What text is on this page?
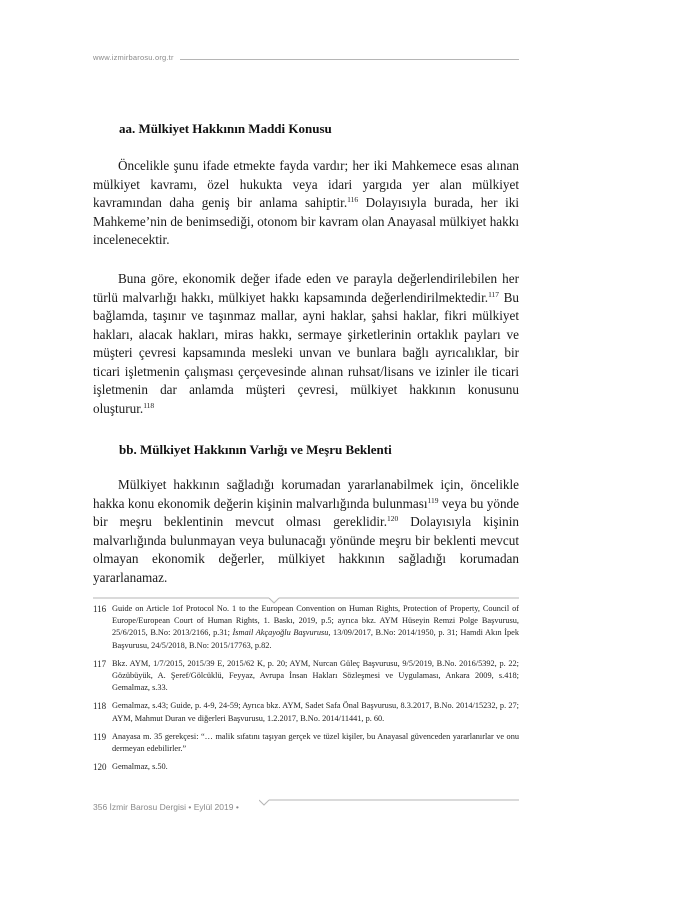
www.izmirbarosu.org.tr
aa. Mülkiyet Hakkının Maddi Konusu

Öncelikle şunu ifade etmekte fayda vardır; her iki Mahkemece esas alınan mülkiyet kavramı, özel hukukta veya idari yargıda yer alan mülkiyet kavramından daha geniş bir anlama sahiptir.$^{116}$ Dolayısıyla burada, her iki Mahkeme’nin de benimsediği, otonom bir kavram olan Anayasal mülkiyet hakkı incelenecektir.

Buna göre, ekonomik değer ifade eden ve parayla değerlendirilebilen her türlü malvarlığı hakkı, mülkiyet hakkı kapsamında değerlendirilmektedir.$^{117}$ Bu bağlamda, taşınır ve taşınmaz mallar, ayni haklar, şahsi haklar, fikri mülkiyet hakları, alacak hakları, miras hakkı, sermaye şirketlerinin ortaklık payları ve müşteri çevresi kapsamında mesleki unvan ve bunlara bağlı ayrıcalıklar, bir ticari işletmenin çalışması çerçevesinde alınan ruhsat/lisans ve izinler ile ticari işletmenin dar anlamda müşteri çevresi, mülkiyet hakkının konusunu oluşturur.$^{118}$

bb. Mülkiyet Hakkının Varlığı ve Meşru Beklenti

Mülkiyet hakkının sağladığı korumadan yararlanabilmek için, öncelikle hakka konu ekonomik değerin kişinin malvarlığında bulunması$^{119}$ veya bu yönde bir meşru beklentinin mevcut olması gereklidir.$^{120}$ Dolayısıyla kişinin malvarlığında bulunmayan veya bulunacağı yönünde meşru bir beklenti mevcut olmayan ekonomik değerler, mülkiyet hakkının sağladığı korumadan yararlanamaz.

116 Guide on Article 1of Protocol No. 1 to the European Convention on Human Rights, Protection of Property, Council of Europe/European Court of Human Rights, 1. Baskı, 2019, p.5; ayrıca bkz. AYM Hüseyin Remzi Polge Başvurusu, 25/6/2015, B.No: 2013/2166, p.31; İsmail Akçayoğlu Başvurusu, 13/09/2017, B.No: 2014/1950, p. 31; Hamdi Akın İpek Başvurusu, 24/5/2018, B.No: 2015/17763, p.82.
117 Bkz. AYM, 1/7/2015, 2015/39 E, 2015/62 K, p. 20; AYM, Nurcan Güleç Başvurusu, 9/5/2019, B.No. 2016/5392, p. 22; Gözübüyük, A. Şeref/Gölcüklü, Feyyaz, Avrupa İnsan Hakları Sözleşmesi ve Uygulaması, Ankara 2009, s.418; Gemalmaz, s.33.
118 Gemalmaz, s.43; Guide, p. 4-9, 24-59; Ayrıca bkz. AYM, Sadet Safa Önal Başvurusu, 8.3.2017, B.No. 2014/15232, p. 27; AYM, Mahmut Duran ve diğerleri Başvurusu, 1.2.2017, B.No. 2014/11441, p. 60.
119 Anayasa m. 35 gerekçesi: “… malik sıfatını taşıyan gerçek ve tüzel kişiler, bu Anayasal güvenceden yararlanırlar ve onu dermeyan edebilirler.”
120 Gemalmaz, s.50.
356 İzmir Barosu Dergisi • Eylül 2019 •
